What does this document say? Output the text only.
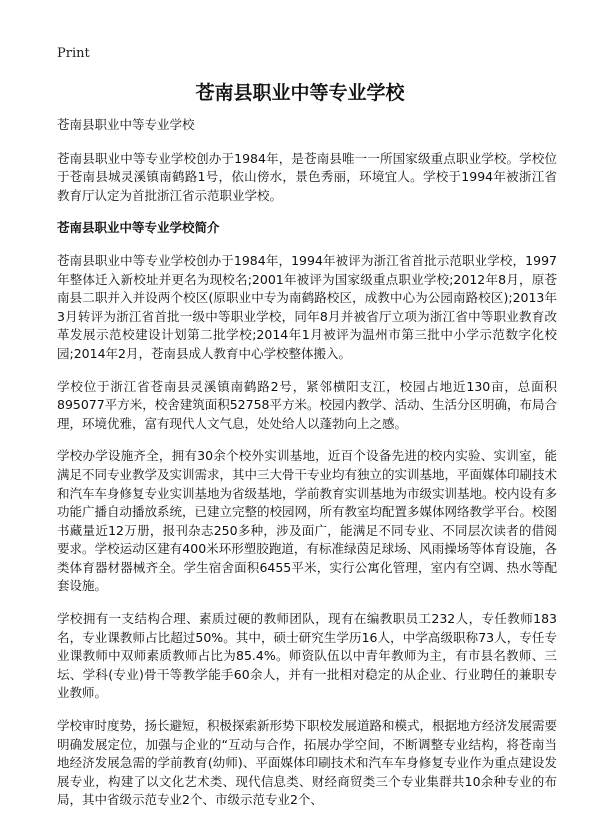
Print
苍南县职业中等专业学校

苍南县职业中等专业学校

苍南县职业中等专业学校创办于1984年，是苍南县唯一一所国家级重点职业学校。学校位于苍南县城灵溪镇南鹤路1号，依山傍水，景色秀丽，环境宜人。学校于1994年被浙江省教育厅认定为首批浙江省示范职业学校。

苍南县职业中等专业学校简介

苍南县职业中等专业学校创办于1984年，1994年被评为浙江省首批示范职业学校，1997年整体迁入新校址并更名为现校名;2001年被评为国家级重点职业学校;2012年8月，原苍南县二职并入并设两个校区(原职业中专为南鹤路校区，成教中心为公园南路校区);2013年3月转评为浙江省首批一级中等职业学校，同年8月并被省厅立项为浙江省中等职业教育改革发展示范校建设计划第二批学校;2014年1月被评为温州市第三批中小学示范数字化校园;2014年2月，苍南县成人教育中心学校整体搬入。

学校位于浙江省苍南县灵溪镇南鹤路2号，紧邻横阳支江，校园占地近130亩，总面积895077平方米，校舍建筑面积52758平方米。校园内教学、活动、生活分区明确，布局合理，环境优雅，富有现代人文气息，处处给人以蓬勃向上之感。

学校办学设施齐全，拥有30余个校外实训基地，近百个设备先进的校内实验、实训室，能满足不同专业教学及实训需求，其中三大骨干专业均有独立的实训基地，平面媒体印刷技术和汽车车身修复专业实训基地为省级基地，学前教育实训基地为市级实训基地。校内设有多功能广播自动播放系统，已建立完整的校园网，所有教室均配置多媒体网络教学平台。校图书藏量近12万册，报刊杂志250多种，涉及面广，能满足不同专业、不同层次读者的借阅要求。学校运动区建有400米环形塑胶跑道，有标准绿茵足球场、风雨操场等体育设施，各类体育器材器械齐全。学生宿舍面积6455平米，实行公寓化管理，室内有空调、热水等配套设施。

学校拥有一支结构合理、素质过硬的教师团队，现有在编教职员工232人，专任教师183名，专业课教师占比超过50%。其中，硕士研究生学历16人，中学高级职称73人，专任专业课教师中双师素质教师占比为85.4%。师资队伍以中青年教师为主，有市县名教师、三坛、学科(专业)骨干等教学能手60余人，并有一批相对稳定的从企业、行业聘任的兼职专业教师。

学校审时度势，扬长避短，积极探索新形势下职校发展道路和模式，根据地方经济发展需要明确发展定位，加强与企业的“互动与合作，拓展办学空间，不断调整专业结构，将苍南当地经济发展急需的学前教育(幼师)、平面媒体印刷技术和汽车车身修复专业作为重点建设发展专业，构建了以文化艺术类、现代信息类、财经商贸类三个专业集群共10余种专业的布局，其中省级示范专业2个、市级示范专业2个、
